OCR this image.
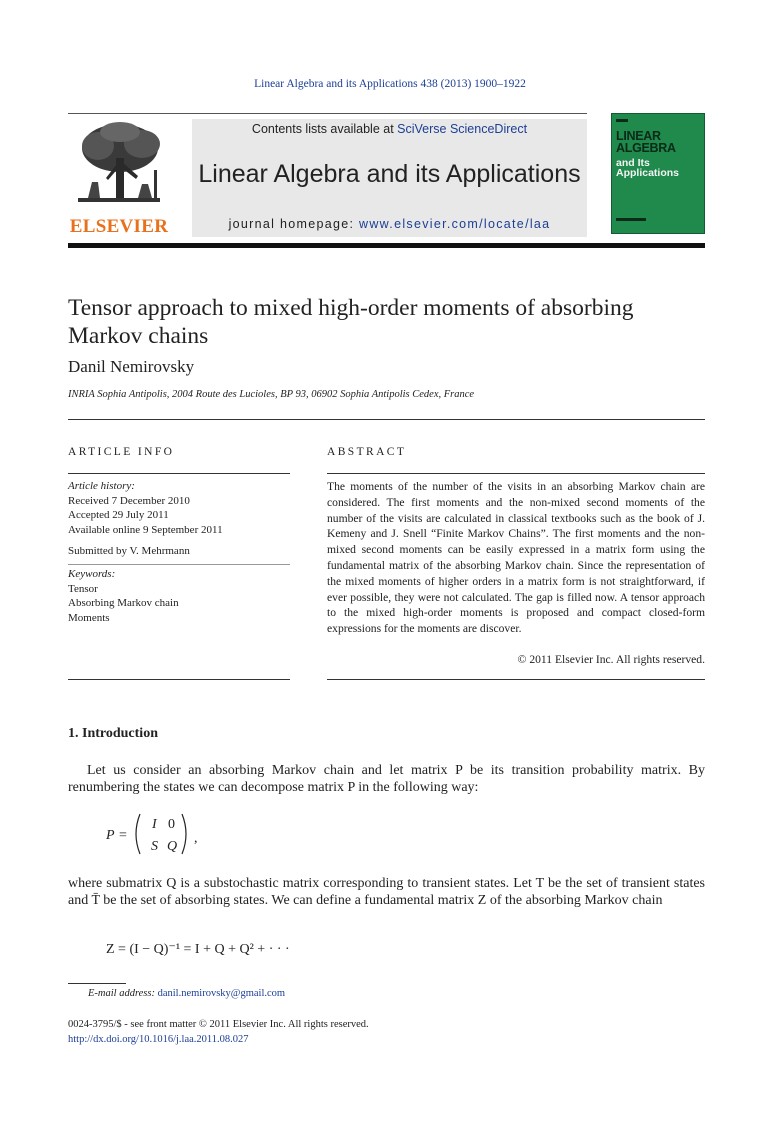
Linear Algebra and its Applications 438 (2013) 1900–1922
ELSEVIER
Contents lists available at SciVerse ScienceDirect
Linear Algebra and its Applications
journal homepage: www.elsevier.com/locate/laa
LINEAR
ALGEBRA
and Its
Applications
Tensor approach to mixed high-order moments of absorbing Markov chains
Danil Nemirovsky
INRIA Sophia Antipolis, 2004 Route des Lucioles, BP 93, 06902 Sophia Antipolis Cedex, France
ARTICLE INFO
Article history:
Received 7 December 2010
Accepted 29 July 2011
Available online 9 September 2011
Submitted by V. Mehrmann
Keywords:
Tensor
Absorbing Markov chain
Moments
ABSTRACT
The moments of the number of the visits in an absorbing Markov chain are considered. The first moments and the non-mixed second moments of the number of the visits are calculated in classical textbooks such as the book of J. Kemeny and J. Snell “Finite Markov Chains”. The first moments and the non-mixed second moments can be easily expressed in a matrix form using the fundamental matrix of the absorbing Markov chain. Since the representation of the mixed moments of higher orders in a matrix form is not straightforward, if ever possible, they were not calculated. The gap is filled now. A tensor approach to the mixed high-order moments is proposed and compact closed-form expressions for the moments are discover.
© 2011 Elsevier Inc. All rights reserved.
1. Introduction
Let us consider an absorbing Markov chain and let matrix P be its transition probability matrix. By renumbering the states we can decompose matrix P in the following way:
P =
I 0
S Q
,
where submatrix Q is a substochastic matrix corresponding to transient states. Let T be the set of transient states and T̄ be the set of absorbing states. We can define a fundamental matrix Z of the absorbing Markov chain
Z = (I − Q)⁻¹ = I + Q + Q² + · · ·
E-mail address: danil.nemirovsky@gmail.com
0024-3795/$ - see front matter © 2011 Elsevier Inc. All rights reserved.
http://dx.doi.org/10.1016/j.laa.2011.08.027
